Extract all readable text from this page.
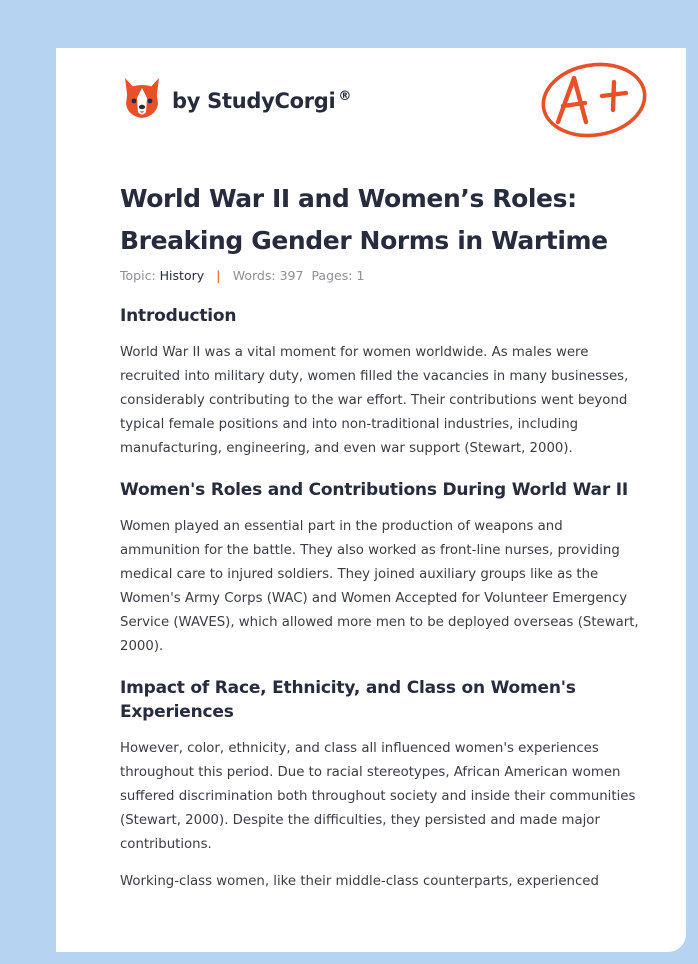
by StudyCorgi ®
World War II and Women’s Roles: Breaking Gender Norms in Wartime
Topic: History | Words: 397 Pages: 1
Introduction

World War II was a vital moment for women worldwide. As males were recruited into military duty, women filled the vacancies in many businesses, considerably contributing to the war effort. Their contributions went beyond typical female positions and into non-traditional industries, including manufacturing, engineering, and even war support (Stewart, 2000).

Women's Roles and Contributions During World War II

Women played an essential part in the production of weapons and ammunition for the battle. They also worked as front-line nurses, providing medical care to injured soldiers. They joined auxiliary groups like as the Women's Army Corps (WAC) and Women Accepted for Volunteer Emergency Service (WAVES), which allowed more men to be deployed overseas (Stewart, 2000).

Impact of Race, Ethnicity, and Class on Women's Experiences

However, color, ethnicity, and class all influenced women's experiences throughout this period. Due to racial stereotypes, African American women suffered discrimination both throughout society and inside their communities (Stewart, 2000). Despite the difficulties, they persisted and made major contributions.

Working-class women, like their middle-class counterparts, experienced
